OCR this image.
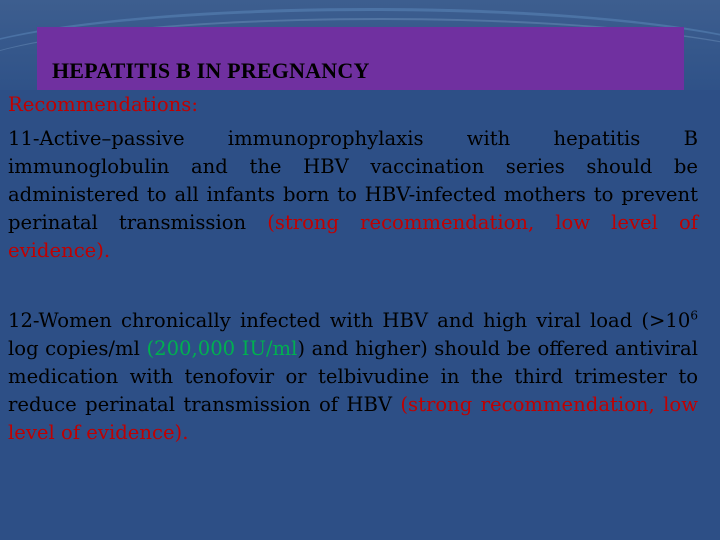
HEPATITIS B IN PREGNANCY
Recommendations:
11-Active–passive immunoprophylaxis with hepatitis B immunoglobulin and the HBV vaccination series should be administered to all infants born to HBV-infected mothers to prevent perinatal transmission (strong recommendation, low level of evidence).
12-Women chronically infected with HBV and high viral load ($>10^6$ log copies/ml (200,000 IU/ml) and higher) should be offered antiviral medication with tenofovir or telbivudine in the third trimester to reduce perinatal transmission of HBV (strong recommendation, low level of evidence).
